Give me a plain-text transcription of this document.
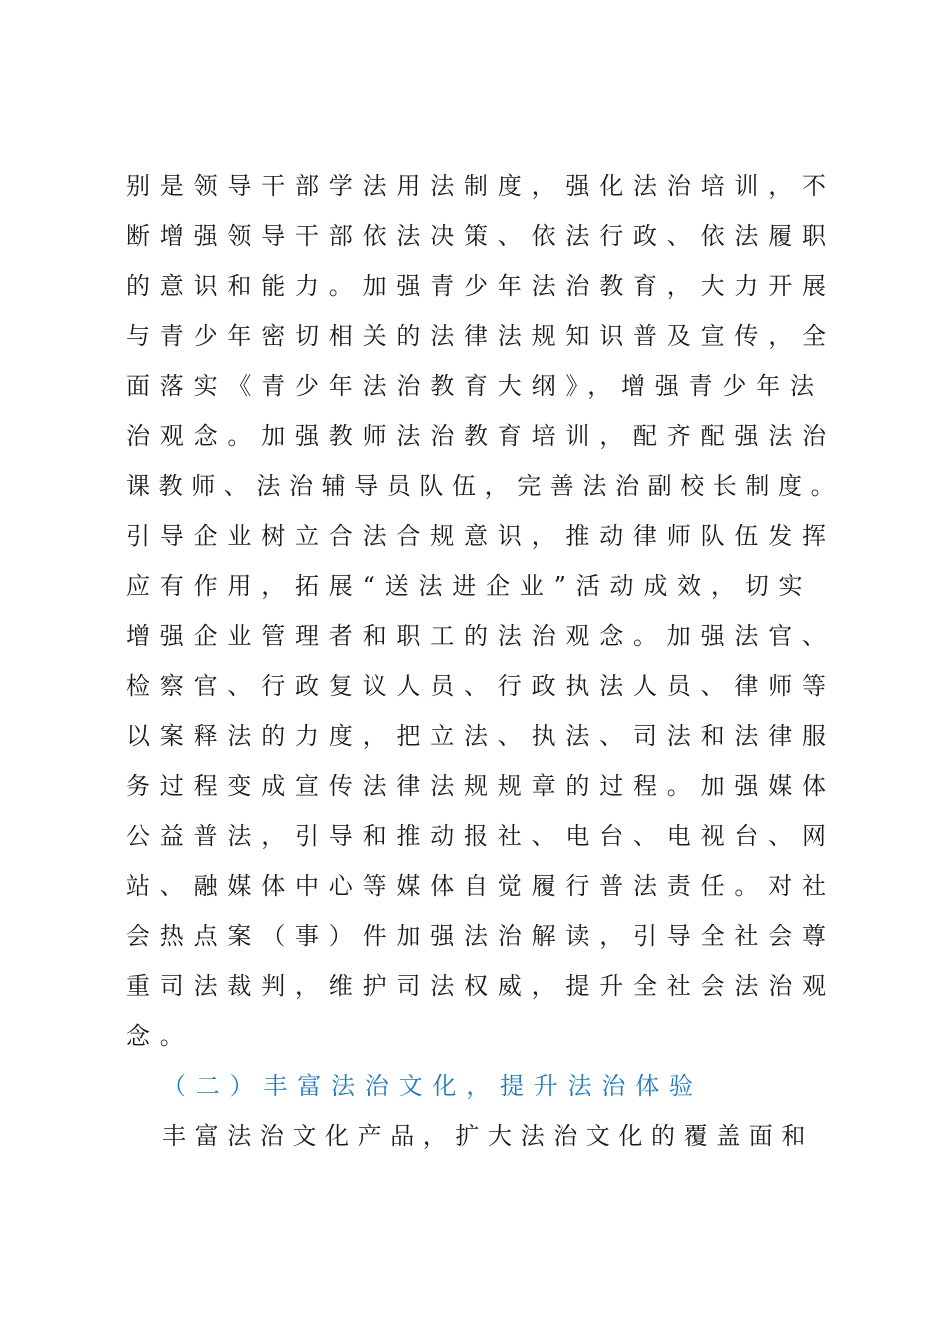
别是领导干部学法用法制度，强化法治培训，不
断增强领导干部依法决策、依法行政、依法履职
的意识和能力。加强青少年法治教育，大力开展
与青少年密切相关的法律法规知识普及宣传，全
面落实《青少年法治教育大纲》，增强青少年法
治观念。加强教师法治教育培训，配齐配强法治
课教师、法治辅导员队伍，完善法治副校长制度。
引导企业树立合法合规意识，推动律师队伍发挥
应有作用，拓展“送法进企业”活动成效，切实
增强企业管理者和职工的法治观念。加强法官、
检察官、行政复议人员、行政执法人员、律师等
以案释法的力度，把立法、执法、司法和法律服
务过程变成宣传法律法规规章的过程。加强媒体
公益普法，引导和推动报社、电台、电视台、网
站、融媒体中心等媒体自觉履行普法责任。对社
会热点案（事）件加强法治解读，引导全社会尊
重司法裁判，维护司法权威，提升全社会法治观
念。
（二）丰富法治文化，提升法治体验
丰富法治文化产品，扩大法治文化的覆盖面和
